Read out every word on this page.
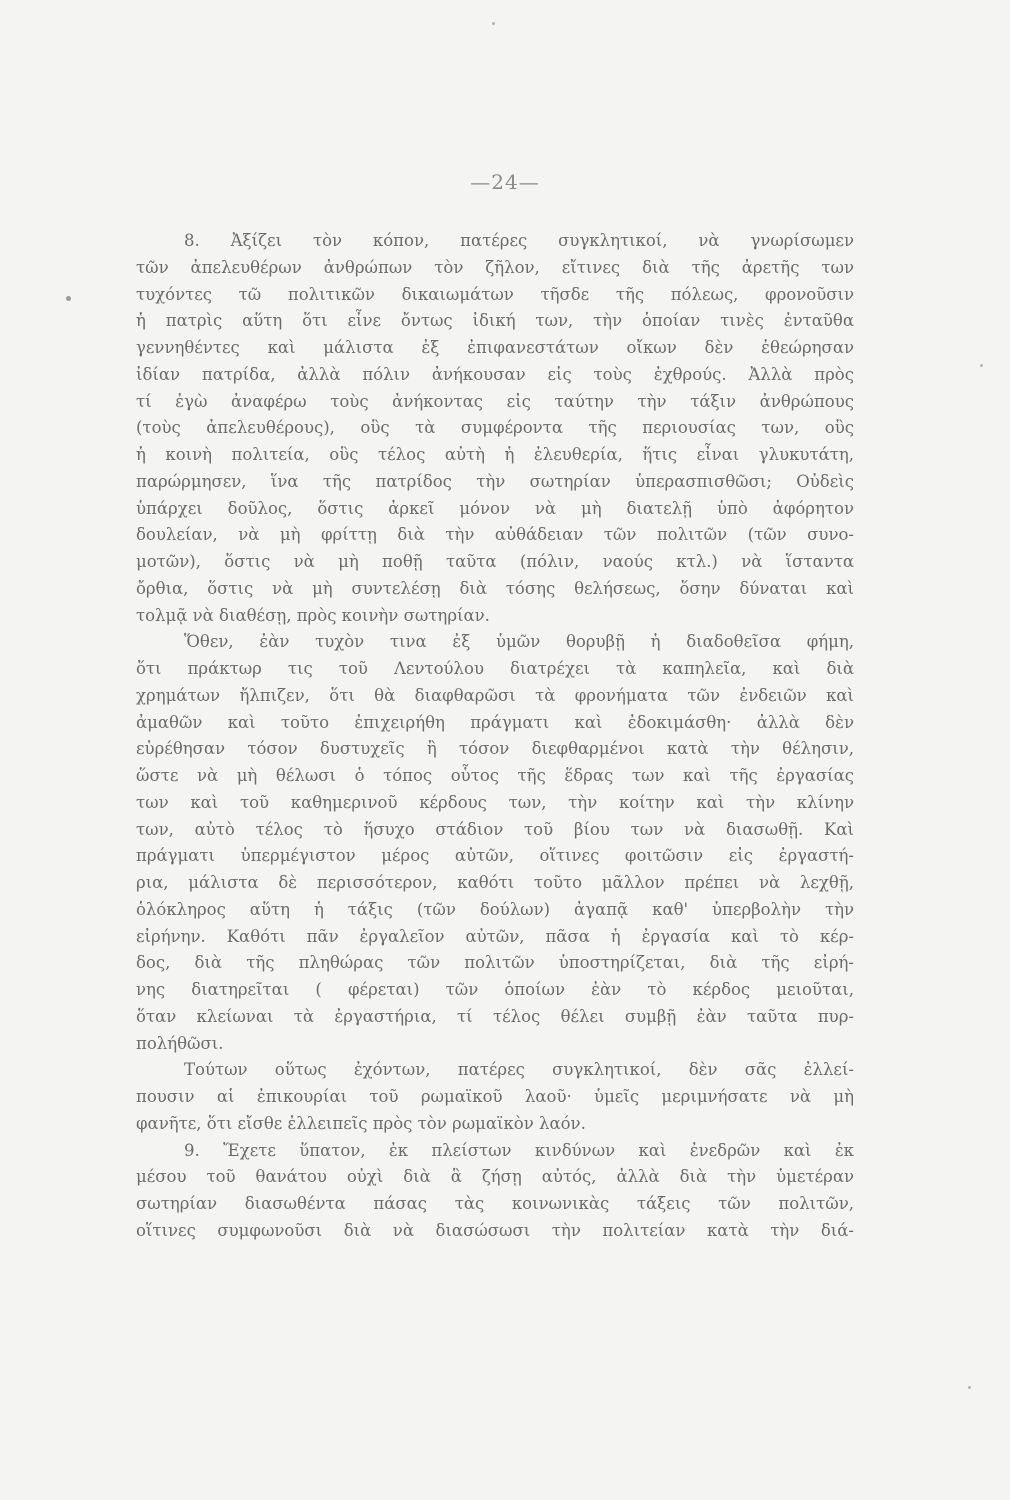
—24—
8. Ἀξίζει τὸν κόπον, πατέρες συγκλητικοί, νὰ γνωρίσωμεν
τῶν ἀπελευθέρων ἀνθρώπων τὸν ζῆλον, εἴτινες διὰ τῆς ἀρετῆς των
τυχόντες τῶ πολιτικῶν δικαιωμάτων τῆσδε τῆς πόλεως, φρονοῦσιν
ἡ πατρὶς αὕτη ὅτι εἶνε ὄντως ἰδική των, τὴν ὁποίαν τινὲς ἐνταῦθα
γεννηθέντες καὶ μάλιστα ἐξ ἐπιφανεστάτων οἴκων δὲν ἐθεώρησαν
ἰδίαν πατρίδα, ἀλλὰ πόλιν ἀνήκουσαν εἰς τοὺς ἐχθρούς. Ἀλλὰ πρὸς
τί ἐγὼ ἀναφέρω τοὺς ἀνήκοντας εἰς ταύτην τὴν τάξιν ἀνθρώπους
(τοὺς ἀπελευθέρους), οὓς τὰ συμφέροντα τῆς περιουσίας των, οὓς
ἡ κοινὴ πολιτεία, οὓς τέλος αὐτὴ ἡ ἐλευθερία, ἥτις εἶναι γλυκυτάτη,
παρώρμησεν, ἵνα τῆς πατρίδος τὴν σωτηρίαν ὑπερασπισθῶσι; Οὐδεὶς
ὑπάρχει δοῦλος, ὅστις ἀρκεῖ μόνον νὰ μὴ διατελῇ ὑπὸ ἀφόρητον
δουλείαν, νὰ μὴ φρίττῃ διὰ τὴν αὐθάδειαν τῶν πολιτῶν (τῶν συνο-
μοτῶν), ὅστις νὰ μὴ ποθῇ ταῦτα (πόλιν, ναούς κτλ.) νὰ ἵσταντα
ὄρθια, ὅστις νὰ μὴ συντελέσῃ διὰ τόσης θελήσεως, ὅσην δύναται καὶ
τολμᾷ νὰ διαθέσῃ, πρὸς κοινὴν σωτηρίαν.
Ὅθεν, ἐὰν τυχὸν τινα ἐξ ὑμῶν θορυβῇ ἡ διαδοθεῖσα φήμη,
ὅτι πράκτωρ τις τοῦ Λεντούλου διατρέχει τὰ καπηλεῖα, καὶ διὰ
χρημάτων ἤλπιζεν, ὅτι θὰ διαφθαρῶσι τὰ φρονήματα τῶν ἐνδειῶν καὶ
ἀμαθῶν καὶ τοῦτο ἐπιχειρήθη πράγματι καὶ ἐδοκιμάσθη· ἀλλὰ δὲν
εὑρέθησαν τόσον δυστυχεῖς ἢ τόσον διεφθαρμένοι κατὰ τὴν θέλησιν,
ὥστε νὰ μὴ θέλωσι ὁ τόπος οὗτος τῆς ἕδρας των καὶ τῆς ἐργασίας
των καὶ τοῦ καθημερινοῦ κέρδους των, τὴν κοίτην καὶ τὴν κλίνην
των, αὐτὸ τέλος τὸ ἥσυχο στάδιον τοῦ βίου των νὰ διασωθῇ. Καὶ
πράγματι ὑπερμέγιστον μέρος αὐτῶν, οἵτινες φοιτῶσιν εἰς ἐργαστή-
ρια, μάλιστα δὲ περισσότερον, καθότι τοῦτο μᾶλλον πρέπει νὰ λεχθῇ,
ὁλόκληρος αὕτη ἡ τάξις (τῶν δούλων) ἀγαπᾷ καθ' ὑπερβολὴν τὴν
εἰρήνην. Καθότι πᾶν ἐργαλεῖον αὐτῶν, πᾶσα ἡ ἐργασία καὶ τὸ κέρ-
δος, διὰ τῆς πληθώρας τῶν πολιτῶν ὑποστηρίζεται, διὰ τῆς εἰρή-
νης διατηρεῖται ( φέρεται) τῶν ὁποίων ἐὰν τὸ κέρδος μειοῦται,
ὅταν κλείωναι τὰ ἐργαστήρια, τί τέλος θέλει συμβῇ ἐὰν ταῦτα πυρ-
πολήθῶσι.
Τούτων οὕτως ἐχόντων, πατέρες συγκλητικοί, δὲν σᾶς ἐλλεί-
πουσιν αἱ ἐπικουρίαι τοῦ ρωμαϊκοῦ λαοῦ· ὑμεῖς μεριμνήσατε νὰ μὴ
φανῆτε, ὅτι εἴσθε ἐλλειπεῖς πρὸς τὸν ρωμαϊκὸν λαόν.
9. Ἔχετε ὕπατον, ἐκ πλείστων κινδύνων καὶ ἐνεδρῶν καὶ ἐκ
μέσου τοῦ θανάτου οὐχὶ διὰ ἃ ζήσῃ αὐτός, ἀλλὰ διὰ τὴν ὑμετέραν
σωτηρίαν διασωθέντα πάσας τὰς κοινωνικὰς τάξεις τῶν πολιτῶν,
οἵτινες συμφωνοῦσι διὰ νὰ διασώσωσι τὴν πολιτείαν κατὰ τὴν διά-
